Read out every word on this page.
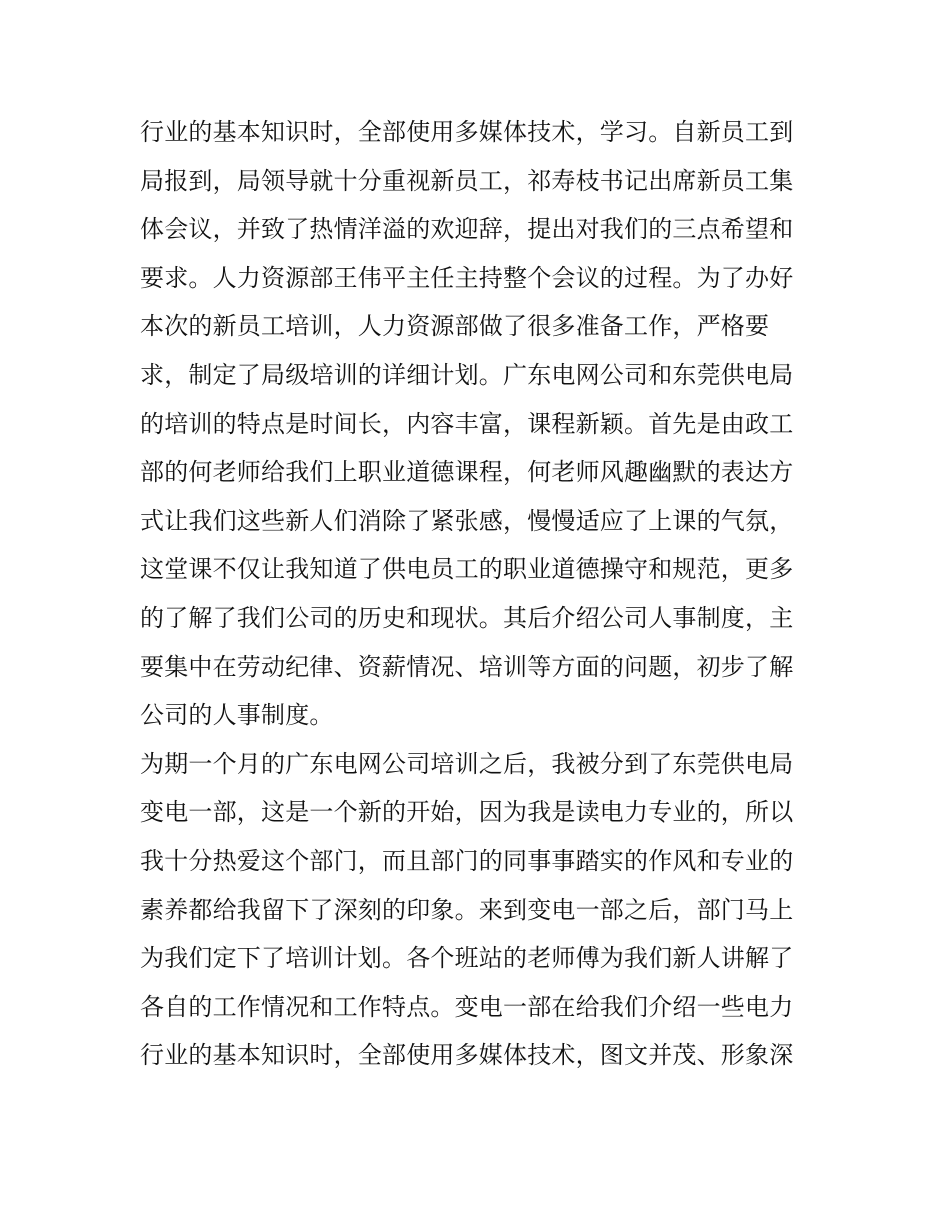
行业的基本知识时，全部使用多媒体技术，学习。自新员工到
局报到，局领导就十分重视新员工，祁寿枝书记出席新员工集
体会议，并致了热情洋溢的欢迎辞，提出对我们的三点希望和
要求。人力资源部王伟平主任主持整个会议的过程。为了办好
本次的新员工培训，人力资源部做了很多准备工作，严格要
求，制定了局级培训的详细计划。广东电网公司和东莞供电局
的培训的特点是时间长，内容丰富，课程新颖。首先是由政工
部的何老师给我们上职业道德课程，何老师风趣幽默的表达方
式让我们这些新人们消除了紧张感，慢慢适应了上课的气氛，
这堂课不仅让我知道了供电员工的职业道德操守和规范，更多
的了解了我们公司的历史和现状。其后介绍公司人事制度，主
要集中在劳动纪律、资薪情况、培训等方面的问题，初步了解
公司的人事制度。
为期一个月的广东电网公司培训之后，我被分到了东莞供电局
变电一部，这是一个新的开始，因为我是读电力专业的，所以
我十分热爱这个部门，而且部门的同事事踏实的作风和专业的
素养都给我留下了深刻的印象。来到变电一部之后，部门马上
为我们定下了培训计划。各个班站的老师傅为我们新人讲解了
各自的工作情况和工作特点。变电一部在给我们介绍一些电力
行业的基本知识时，全部使用多媒体技术，图文并茂、形象深
